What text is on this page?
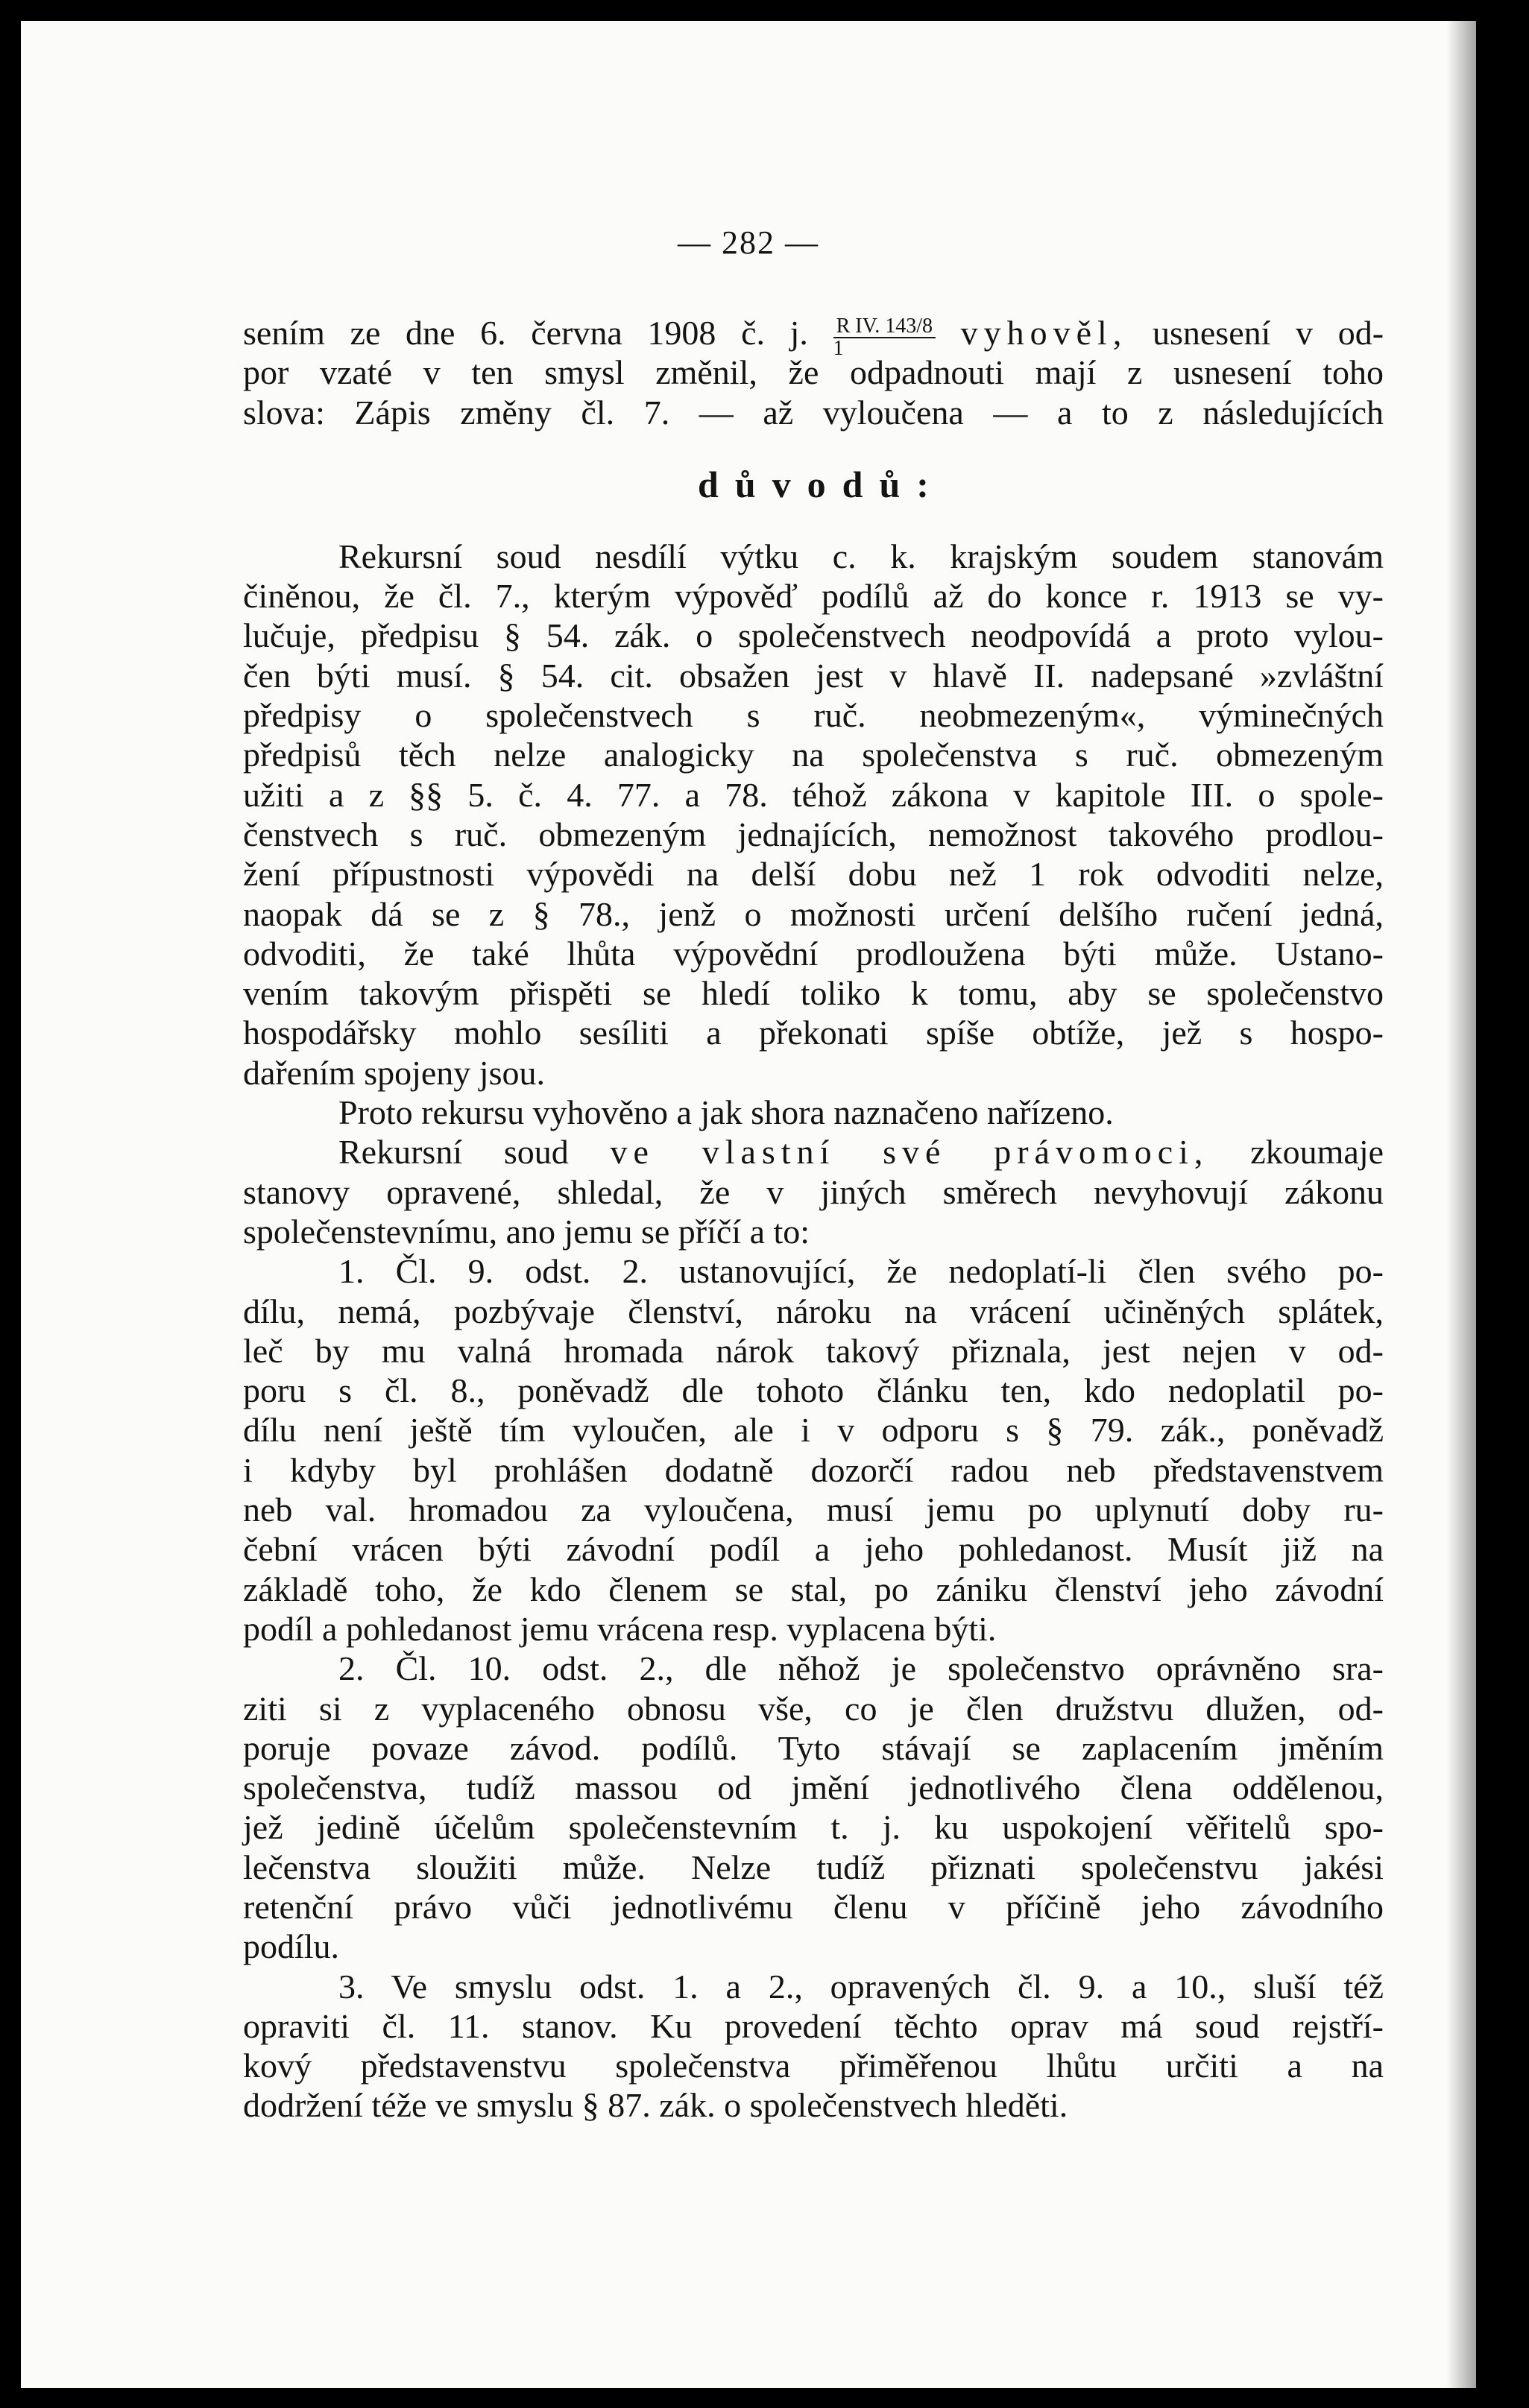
— 282 —
sením ze dne 6. června 1908 č. j. $\frac{\text{R IV. 143/8}}{1}$ vyhověl, usnesení v od-
por vzaté v ten smysl změnil, že odpadnouti mají z usnesení toho
slova: Zápis změny čl. 7. — až vyloučena — a to z následujících
důvodů:
Rekursní soud nesdílí výtku c. k. krajským soudem stanovám
činěnou, že čl. 7., kterým výpověď podílů až do konce r. 1913 se vy-
lučuje, předpisu § 54. zák. o společenstvech neodpovídá a proto vylou-
čen býti musí. § 54. cit. obsažen jest v hlavě II. nadepsané »zvláštní
předpisy o společenstvech s ruč. neobmezeným«, výminečných
předpisů těch nelze analogicky na společenstva s ruč. obmezeným
užiti a z §§ 5. č. 4. 77. a 78. téhož zákona v kapitole III. o spole-
čenstvech s ruč. obmezeným jednajících, nemožnost takového prodlou-
žení přípustnosti výpovědi na delší dobu než 1 rok odvoditi nelze,
naopak dá se z § 78., jenž o možnosti určení delšího ručení jedná,
odvoditi, že také lhůta výpovědní prodloužena býti může. Ustano-
vením takovým přispěti se hledí toliko k tomu, aby se společenstvo
hospodářsky mohlo sesíliti a překonati spíše obtíže, jež s hospo-
dařením spojeny jsou.
Proto rekursu vyhověno a jak shora naznačeno nařízeno.
Rekursní soud ve vlastní své právomoci, zkoumaje
stanovy opravené, shledal, že v jiných směrech nevyhovují zákonu
společenstevnímu, ano jemu se příčí a to:
1. Čl. 9. odst. 2. ustanovující, že nedoplatí-li člen svého po-
dílu, nemá, pozbývaje členství, nároku na vrácení učiněných splátek,
leč by mu valná hromada nárok takový přiznala, jest nejen v od-
poru s čl. 8., poněvadž dle tohoto článku ten, kdo nedoplatil po-
dílu není ještě tím vyloučen, ale i v odporu s § 79. zák., poněvadž
i kdyby byl prohlášen dodatně dozorčí radou neb představenstvem
neb val. hromadou za vyloučena, musí jemu po uplynutí doby ru-
čební vrácen býti závodní podíl a jeho pohledanost. Musít již na
základě toho, že kdo členem se stal, po zániku členství jeho závodní
podíl a pohledanost jemu vrácena resp. vyplacena býti.
2. Čl. 10. odst. 2., dle něhož je společenstvo oprávněno sra-
ziti si z vyplaceného obnosu vše, co je člen družstvu dlužen, od-
poruje povaze závod. podílů. Tyto stávají se zaplacením jměním
společenstva, tudíž massou od jmění jednotlivého člena oddělenou,
jež jedině účelům společenstevním t. j. ku uspokojení věřitelů spo-
lečenstva sloužiti může. Nelze tudíž přiznati společenstvu jakési
retenční právo vůči jednotlivému členu v příčině jeho závodního
podílu.
3. Ve smyslu odst. 1. a 2., opravených čl. 9. a 10., sluší též
opraviti čl. 11. stanov. Ku provedení těchto oprav má soud rejstří-
kový představenstvu společenstva přiměřenou lhůtu určiti a na
dodržení téže ve smyslu § 87. zák. o společenstvech hleděti.
